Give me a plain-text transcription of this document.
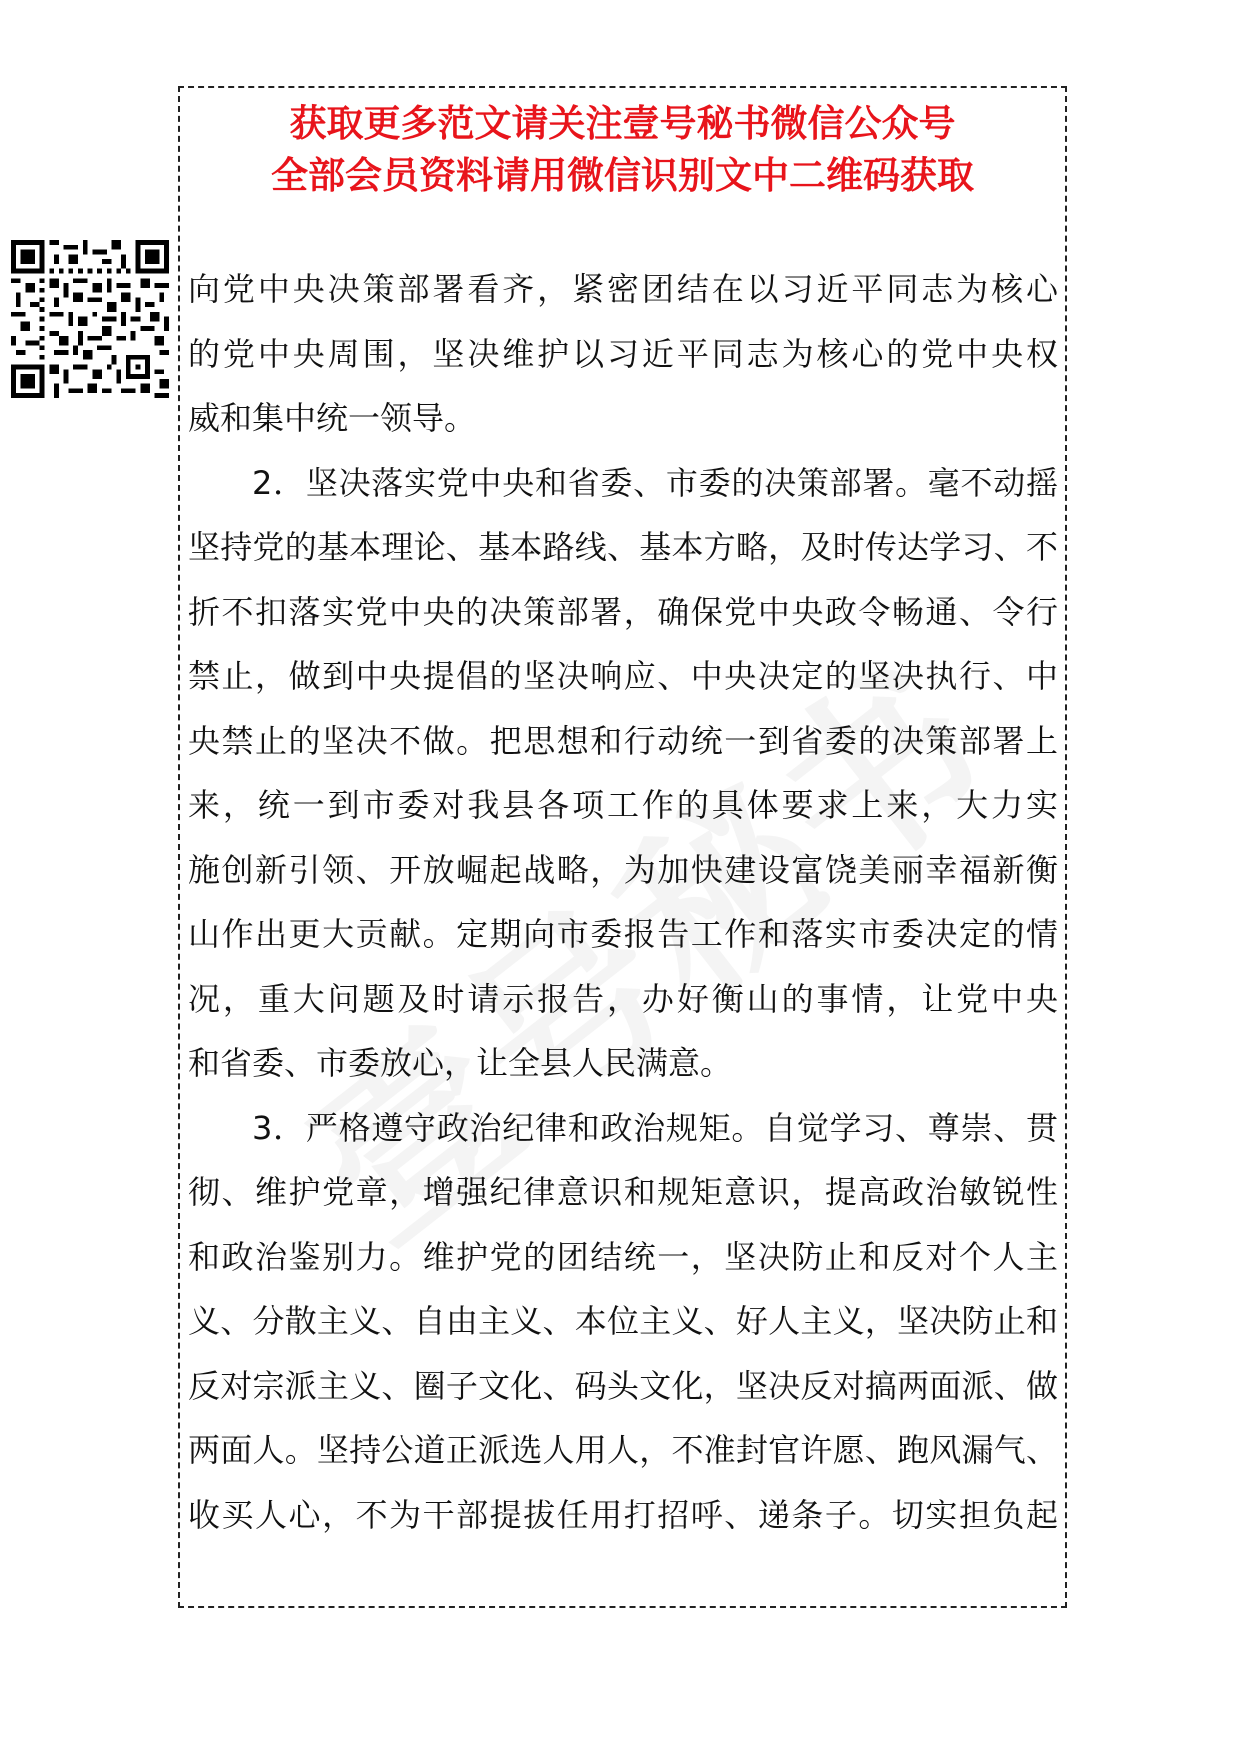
获取更多范文请关注壹号秘书微信公众号
全部会员资料请用微信识别文中二维码获取
向党中央决策部署看齐，紧密团结在以习近平同志为核心
的党中央周围，坚决维护以习近平同志为核心的党中央权
威和集中统一领导。
2．坚决落实党中央和省委、市委的决策部署。毫不动摇
坚持党的基本理论、基本路线、基本方略，及时传达学习、不
折不扣落实党中央的决策部署，确保党中央政令畅通、令行
禁止，做到中央提倡的坚决响应、中央决定的坚决执行、中
央禁止的坚决不做。把思想和行动统一到省委的决策部署上
来，统一到市委对我县各项工作的具体要求上来，大力实
施创新引领、开放崛起战略，为加快建设富饶美丽幸福新衡
山作出更大贡献。定期向市委报告工作和落实市委决定的情
况，重大问题及时请示报告，办好衡山的事情，让党中央
和省委、市委放心，让全县人民满意。
3．严格遵守政治纪律和政治规矩。自觉学习、尊崇、贯
彻、维护党章，增强纪律意识和规矩意识，提高政治敏锐性
和政治鉴别力。维护党的团结统一，坚决防止和反对个人主
义、分散主义、自由主义、本位主义、好人主义，坚决防止和
反对宗派主义、圈子文化、码头文化，坚决反对搞两面派、做
两面人。坚持公道正派选人用人，不准封官许愿、跑风漏气、
收买人心，不为干部提拔任用打招呼、递条子。切实担负起
